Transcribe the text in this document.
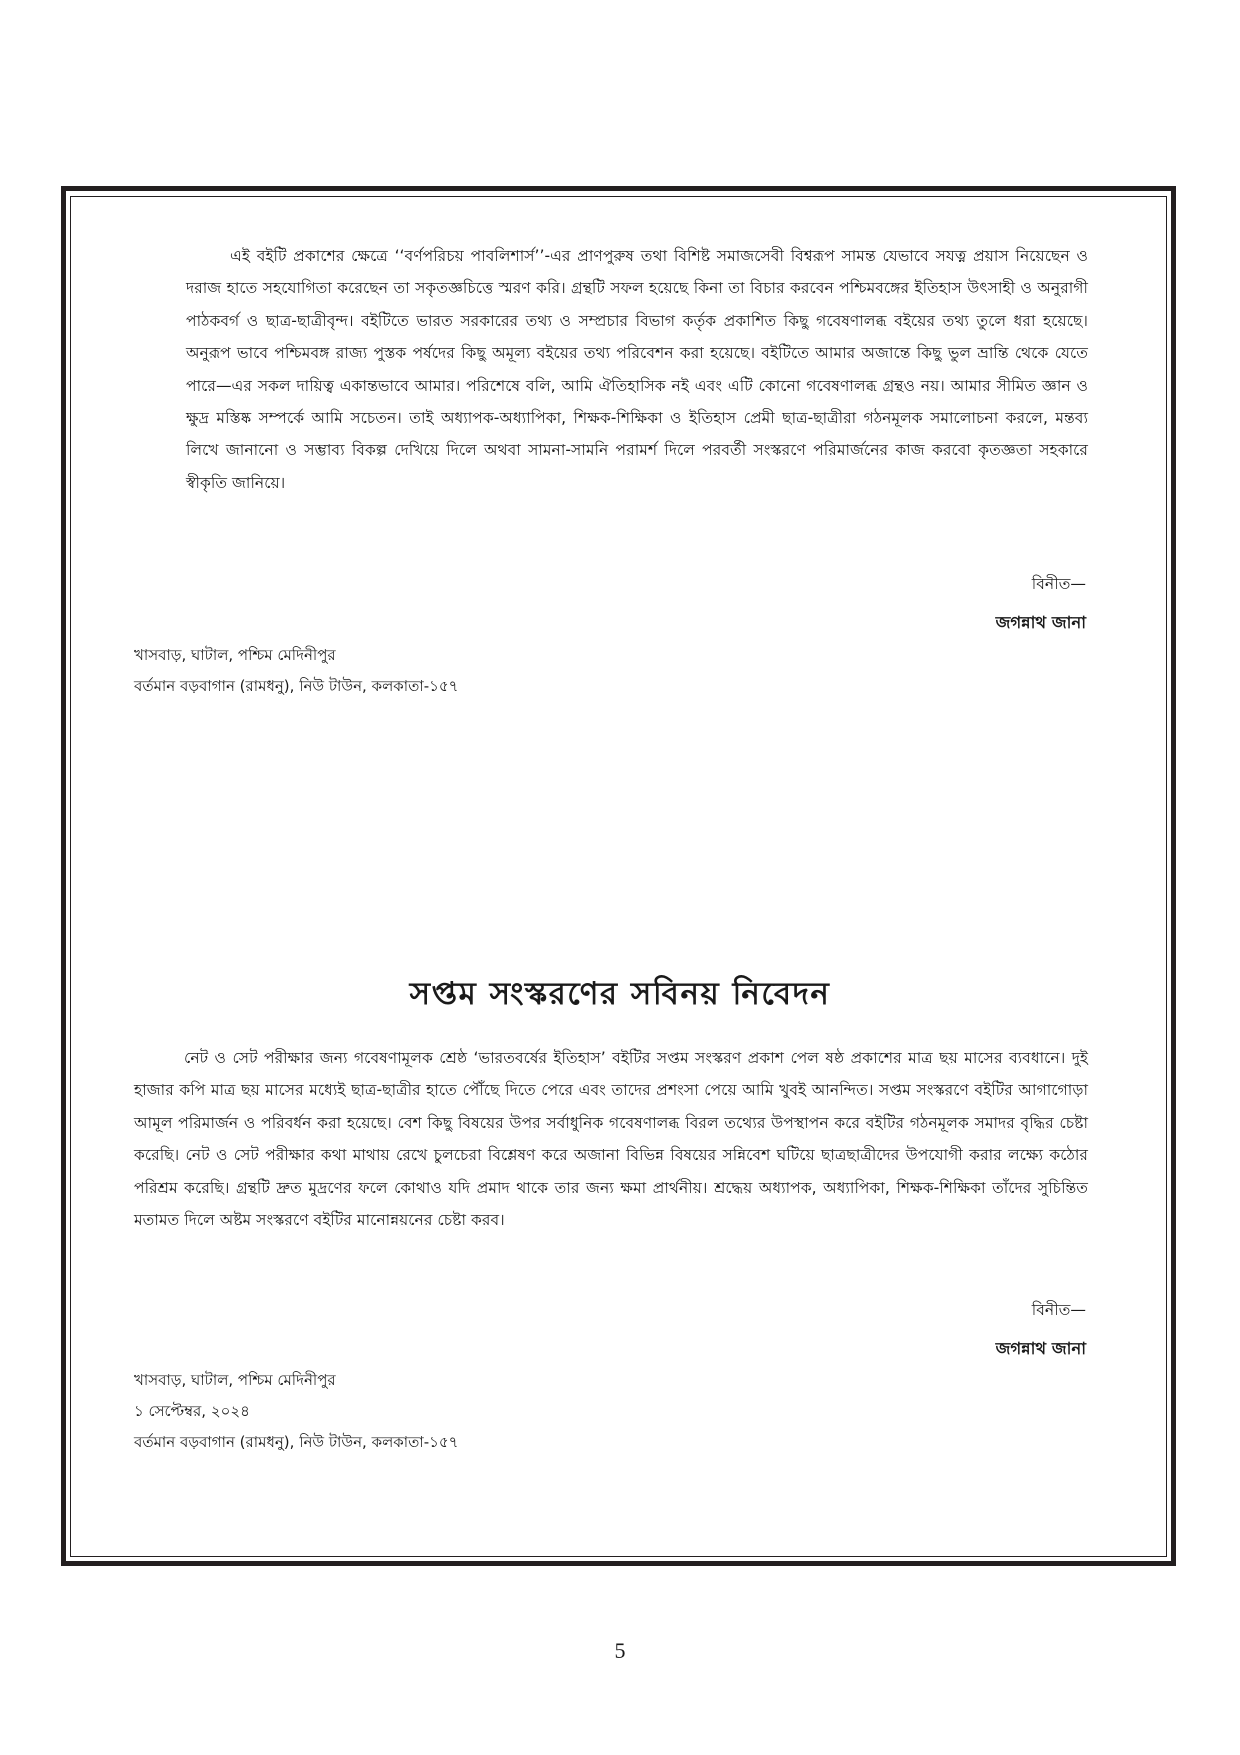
এই বইটি প্রকাশের ক্ষেত্রে ‘‘বর্ণপরিচয় পাবলিশার্স’’-এর প্রাণপুরুষ তথা বিশিষ্ট সমাজসেবী বিশ্বরূপ সামন্ত যেভাবে সযত্ন প্রয়াস নিয়েছেন ও দরাজ হাতে সহযোগিতা করেছেন তা সকৃতজ্ঞচিত্তে স্মরণ করি। গ্রন্থটি সফল হয়েছে কিনা তা বিচার করবেন পশ্চিমবঙ্গের ইতিহাস উৎসাহী ও অনুরাগী পাঠকবর্গ ও ছাত্র-ছাত্রীবৃন্দ। বইটিতে ভারত সরকারের তথ্য ও সম্প্রচার বিভাগ কর্তৃক প্রকাশিত কিছু গবেষণালব্ধ বইয়ের তথ্য তুলে ধরা হয়েছে। অনুরূপ ভাবে পশ্চিমবঙ্গ রাজ্য পুস্তক পর্ষদের কিছু অমূল্য বইয়ের তথ্য পরিবেশন করা হয়েছে। বইটিতে আমার অজান্তে কিছু ভুল ভ্রান্তি থেকে যেতে পারে—এর সকল দায়িত্ব একান্তভাবে আমার। পরিশেষে বলি, আমি ঐতিহাসিক নই এবং এটি কোনো গবেষণালব্ধ গ্রন্থও নয়। আমার সীমিত জ্ঞান ও ক্ষুদ্র মস্তিষ্ক সম্পর্কে আমি সচেতন। তাই অধ্যাপক-অধ্যাপিকা, শিক্ষক-শিক্ষিকা ও ইতিহাস প্রেমী ছাত্র-ছাত্রীরা গঠনমূলক সমালোচনা করলে, মন্তব্য লিখে জানানো ও সম্ভাব্য বিকল্প দেখিয়ে দিলে অথবা সামনা-সামনি পরামর্শ দিলে পরবর্তী সংস্করণে পরিমার্জনের কাজ করবো কৃতজ্ঞতা সহকারে স্বীকৃতি জানিয়ে।

বিনীত—
জগন্নাথ জানা
খাসবাড়, ঘাটাল, পশ্চিম মেদিনীপুর
বর্তমান বড়বাগান (রামধনু), নিউ টাউন, কলকাতা-১৫৭
সপ্তম সংস্করণের সবিনয় নিবেদন

নেট ও সেট পরীক্ষার জন্য গবেষণামূলক শ্রেষ্ঠ ‘ভারতবর্ষের ইতিহাস’ বইটির সপ্তম সংস্করণ প্রকাশ পেল ষষ্ঠ প্রকাশের মাত্র ছয় মাসের ব্যবধানে। দুই হাজার কপি মাত্র ছয় মাসের মধ্যেই ছাত্র-ছাত্রীর হাতে পৌঁছে দিতে পেরে এবং তাদের প্রশংসা পেয়ে আমি খুবই আনন্দিত। সপ্তম সংস্করণে বইটির আগাগোড়া আমূল পরিমার্জন ও পরিবর্ধন করা হয়েছে। বেশ কিছু বিষয়ের উপর সর্বাধুনিক গবেষণালব্ধ বিরল তথ্যের উপস্থাপন করে বইটির গঠনমূলক সমাদর বৃদ্ধির চেষ্টা করেছি। নেট ও সেট পরীক্ষার কথা মাথায় রেখে চুলচেরা বিশ্লেষণ করে অজানা বিভিন্ন বিষয়ের সন্নিবেশ ঘটিয়ে ছাত্রছাত্রীদের উপযোগী করার লক্ষ্যে কঠোর পরিশ্রম করেছি। গ্রন্থটি দ্রুত মুদ্রণের ফলে কোথাও যদি প্রমাদ থাকে তার জন্য ক্ষমা প্রার্থনীয়। শ্রদ্ধেয় অধ্যাপক, অধ্যাপিকা, শিক্ষক-শিক্ষিকা তাঁদের সুচিন্তিত মতামত দিলে অষ্টম সংস্করণে বইটির মানোন্নয়নের চেষ্টা করব।

বিনীত—
জগন্নাথ জানা
খাসবাড়, ঘাটাল, পশ্চিম মেদিনীপুর
১ সেপ্টেম্বর, ২০২৪
বর্তমান বড়বাগান (রামধনু), নিউ টাউন, কলকাতা-১৫৭
5
